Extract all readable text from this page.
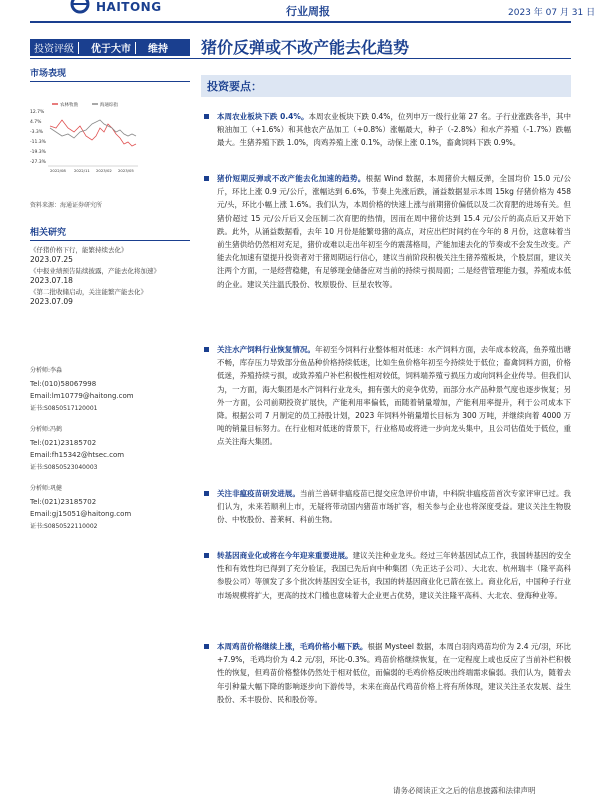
HAITONG	行业周报	2023 年 07 月 31 日
投资评级	优于大市	维持 猪价反弹或不改产能去化趋势
市场表现
农林牧渔	海通综指
12.7%
4.7%
-3.3%
-11.3%
-19.3%
-27.3%
2022/08 2022/11 2023/02 2023/05
资料来源：海通证券研究所
相关研究
《仔猪价格下行，能繁持续去化》
2023.07.25
《中报业绩预告陆续披露，产能去化将加速》
2023.07.18
《第二批收储启动，关注能繁产能去化》
2023.07.09
分析师:李淼
Tel:(010)58067998
Email:lm10779@haitong.com
证书:S0850517120001
分析师:冯鹤
Tel:(021)23185702
Email:fh15342@htsec.com
证书:S0850523040003
分析师:巩健
Tel:(021)23185702
Email:gj15051@haitong.com
证书:S0850522110002
投资要点：
本周农业板块下跌 0.4%。本周农业板块下跌 0.4%，位列申万一级行业第 27 名。子行业涨跌各半，其中粮油加工（+1.6%）和其他农产品加工（+0.8%）涨幅最大，种子（-2.8%）和水产养殖（-1.7%）跌幅最大。生猪养殖下跌 1.0%，肉鸡养殖上涨 0.1%，动保上涨 0.1%，畜禽饲料下跌 0.9%。
猪价短期反弹或不改产能去化加速的趋势。根据 Wind 数据，本周猪价大幅反弹，全国均价 15.0 元/公斤，环比上涨 0.9 元/公斤，涨幅达到 6.6%，节奏上先涨后跌，涌益数据显示本周 15kg 仔猪价格为 458 元/头，环比小幅上涨 1.6%。我们认为，本周价格的快速上涨与前期猪价偏低以及二次育肥的进场有关。但猪价超过 15 元/公斤后又会压制二次育肥的热情，因而在周中猪价达到 15.4 元/公斤的高点后又开始下跌。此外，从涌益数据看，去年 10 月份是能繁母猪的高点，对应出栏时间约在今年的 8 月份，这意味着当前生猪供给仍然相对充足，猪价或难以走出年初至今的震荡格局，产能加速去化的节奏或不会发生改变。产能去化加速有望提升投资者对于猪周期运行信心，建议当前阶段积极关注生猪养殖板块，个股层面，建议关注两个方面，一是经营稳健，有足够现金储备应对当前的持续亏损局面；二是经营管理能力强，养殖成本低的企业。建议关注温氏股份、牧原股份、巨星农牧等。
关注水产饲料行业恢复情况。年初至今饲料行业整体相对低迷：水产饲料方面，去年成本较高，鱼养殖出塘不畅，库存压力导致部分鱼品种价格持续低迷，比如生鱼价格年初至今持续处于低位；畜禽饲料方面，价格低迷，养殖持续亏损，或致养殖户补栏积极性相对较低，饲料端养殖亏损压力或向饲料企业传导。但我们认为，一方面，海大集团是水产饲料行业龙头，拥有强大的竞争优势，而部分水产品种景气度也逐步恢复；另外一方面，公司前期投资扩展快，产能利用率偏低，而随着销量增加，产能利用率提升，利于公司成本下降。根据公司 7 月制定的员工持股计划，2023 年饲料外销量增长目标为 300 万吨，并继续向着 4000 万吨的销量目标努力。在行业相对低迷的背景下，行业格局或将进一步向龙头集中，且公司估值处于低位，重点关注海大集团。
关注非瘟疫苗研发进展。当前兰兽研非瘟疫苗已提交应急评价申请，中科院非瘟疫苗首次专家评审已过。我们认为，未来若顺利上市，无疑将带动国内猪苗市场扩容，相关参与企业也将深度受益。建议关注生物股份、中牧股份、普莱柯、科前生物。
转基因商业化或将在今年迎来重要进展。建议关注种业龙头。经过三年转基因试点工作，我国转基因的安全性和有效性均已得到了充分验证，我国已先后向中种集团（先正达子公司）、大北农、杭州瑞丰（隆平高科参股公司）等颁发了多个批次转基因安全证书，我国的转基因商业化已箭在弦上。商业化后，中国种子行业市场规模将扩大，更高的技术门槛也意味着大企业更占优势，建议关注隆平高科、大北农、登海种业等。
本周鸡苗价格继续上涨，毛鸡价格小幅下跌。根据 Mysteel 数据，本周白羽肉鸡苗均价为 2.4 元/羽，环比+7.9%，毛鸡均价为 4.2 元/羽，环比-0.3%。鸡苗价格继续恢复，在一定程度上或也反应了当前补栏积极性的恢复，但鸡苗价格整体仍然处于相对低位，而偏弱的毛鸡价格反映出终端需求偏弱。我们认为，随着去年引种量大幅下降的影响逐步向下游传导，未来在商品代鸡苗价格上将有所体现，建议关注圣农发展、益生股份、禾丰股份、民和股份等。
请务必阅读正文之后的信息披露和法律声明
